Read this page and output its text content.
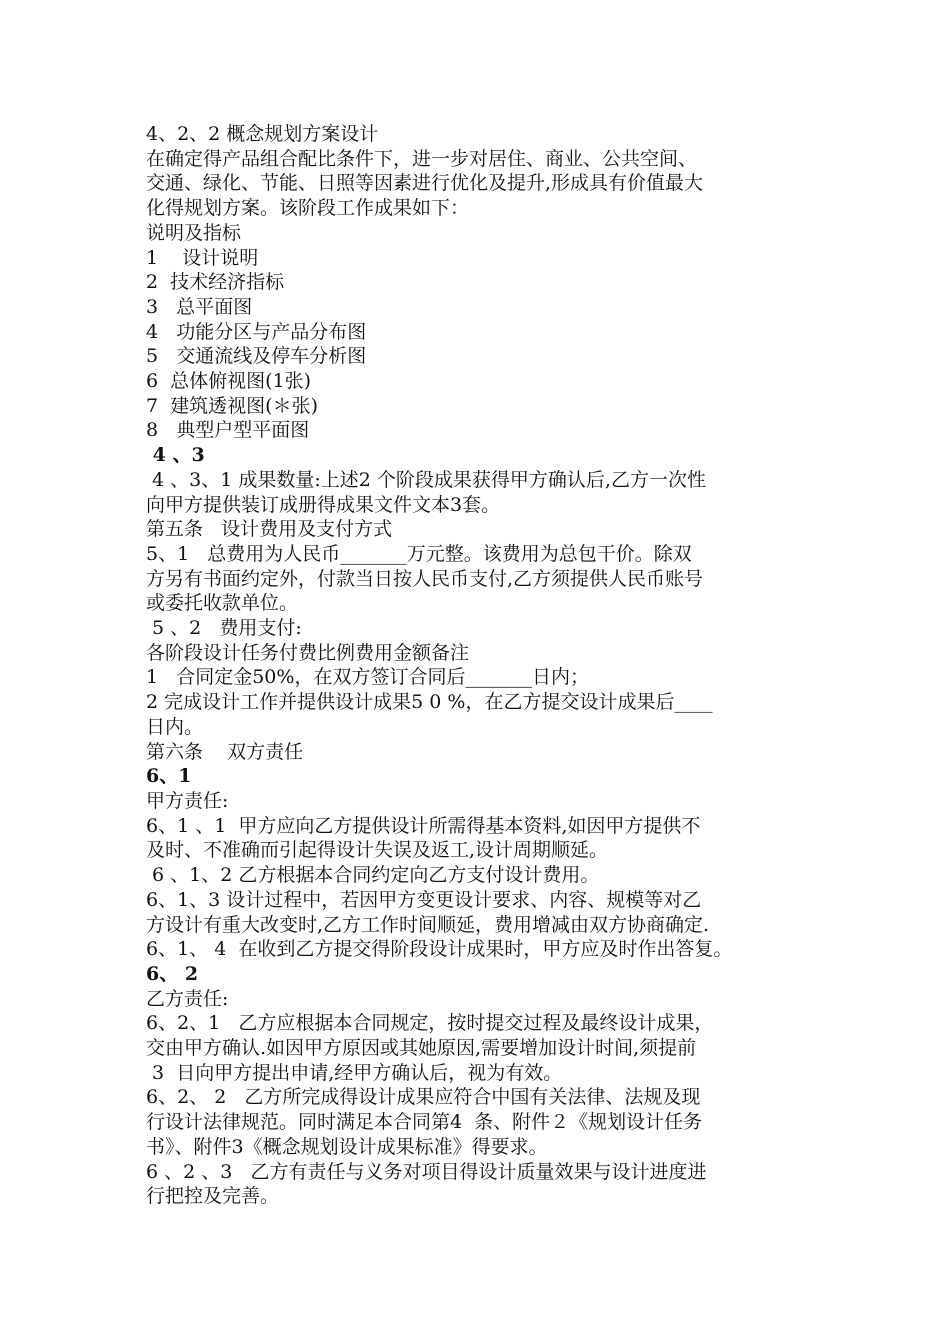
4、2、2 概念规划方案设计

在确定得产品组合配比条件下，进一步对居住、商业、公共空间、

交通、绿化、节能、日照等因素进行优化及提升,形成具有价值最大

化得规划方案。该阶段工作成果如下：

说明及指标

1    设计说明

2  技术经济指标

3   总平面图

4   功能分区与产品分布图

5   交通流线及停车分析图

6  总体俯视图(1张)

7  建筑透视图(＊张)

8   典型户型平面图

4 、3

4 、3、1 成果数量:上述2 个阶段成果获得甲方确认后,乙方一次性

向甲方提供装订成册得成果文件文本3套。

第五条   设计费用及支付方式

5、1   总费用为人民币_______万元整。该费用为总包干价。除双

方另有书面约定外，付款当日按人民币支付,乙方须提供人民币账号

或委托收款单位。

5 、2   费用支付:

各阶段设计任务付费比例费用金额备注

1   合同定金50%，在双方签订合同后_______日内；

2 完成设计工作并提供设计成果5 0 %，在乙方提交设计成果后____

日内。

第六条    双方责任

6、1

甲方责任:

6、1 、1  甲方应向乙方提供设计所需得基本资料,如因甲方提供不

及时、不准确而引起得设计失误及返工,设计周期顺延。

6 、1、2 乙方根据本合同约定向乙方支付设计费用。

6、1、3 设计过程中，若因甲方变更设计要求、内容、规模等对乙

方设计有重大改变时,乙方工作时间顺延，费用增减由双方协商确定.

6、1、 4  在收到乙方提交得阶段设计成果时，甲方应及时作出答复。

6、 2

乙方责任:

6、2、1   乙方应根据本合同规定，按时提交过程及最终设计成果，

交由甲方确认.如因甲方原因或其她原因,需要增加设计时间,须提前

3  日向甲方提出申请,经甲方确认后，视为有效。

6、2、 2   乙方所完成得设计成果应符合中国有关法律、法规及现

行设计法律规范。同时满足本合同第4  条、附件２《规划设计任务

书》、附件3《概念规划设计成果标准》得要求。

6 、2 、3   乙方有责任与义务对项目得设计质量效果与设计进度进

行把控及完善。
